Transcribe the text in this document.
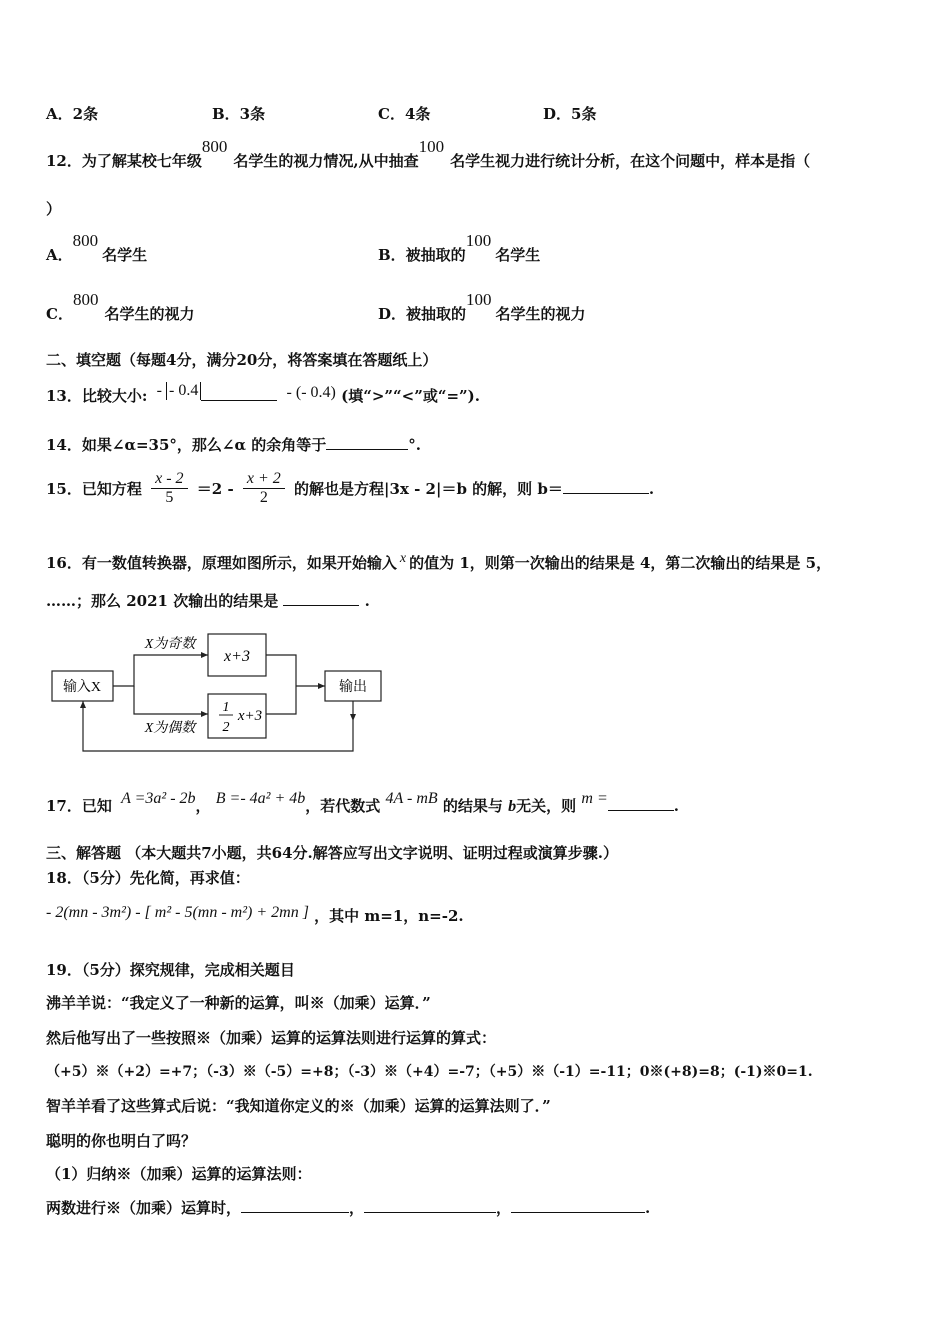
A．2条	B．3条	C．4条	D．5条
12．为了解某校七年级800名学生的视力情况,从中抽查100名学生视力进行统计分析，在这个问题中，样本是指（
）
A．800名学生	B．被抽取的100名学生
C．800名学生的视力	D．被抽取的100名学生的视力
二、填空题（每题4分，满分20分，将答案填在答题纸上）
13．比较大小: - - 0.4	- (- 0.4) (填“>”“<”或“=”).
14．如果∠α=35°，那么∠α 的余角等于	°.
15．已知方程 $\frac{x - 2}{5} =2 - \frac{x + 2}{2}$ 的解也是方程|3x - 2|＝b 的解，则 b＝	.
16．有一数值转换器，原理如图所示，如果开始输入 x 的值为 1，则第一次输出的结果是 4，第二次输出的结果是 5，
……；那么 2021 次输出的结果是	.
输入X
X为奇数
X为偶数
x+3
1
2
x+3
输出
17．已知 A =3a² - 2b， B =- 4a² + 4b，若代数式 4A - mB 的结果与 b无关，则 m =	.
三、解答题 （本大题共7小题，共64分.解答应写出文字说明、证明过程或演算步骤.）
18．（5分）先化简，再求值：
- 2(mn - 3m²) - [ m² - 5(mn - m²) + 2mn ] ，其中 m=1，n=-2.
19．（5分）探究规律，完成相关题目
沸羊羊说：“我定义了一种新的运算，叫※（加乘）运算．”
然后他写出了一些按照※（加乘）运算的运算法则进行运算的算式：
（+5）※（+2）=+7；（-3）※（-5）=+8；（-3）※（+4）=-7；（+5）※（-1）=-11；0※(+8)=8；(-1)※0=1.
智羊羊看了这些算式后说：“我知道你定义的※（加乘）运算的运算法则了．”
聪明的你也明白了吗？
（1）归纳※（加乘）运算的运算法则：
两数进行※（加乘）运算时，	，	，	.
